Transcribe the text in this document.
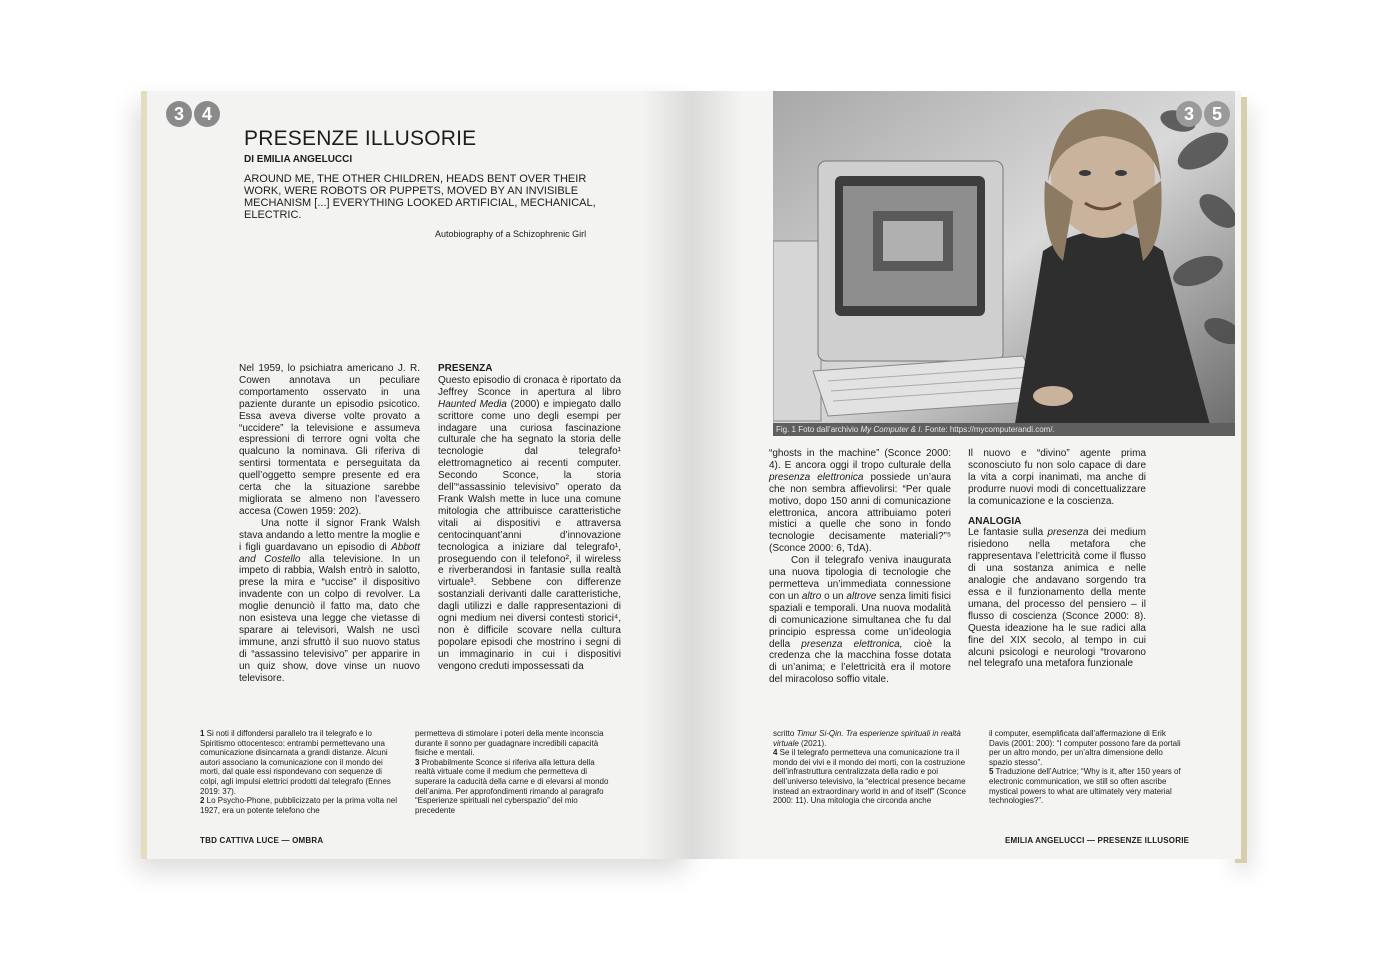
3 4
PRESENZE ILLUSORIE

DI EMILIA ANGELUCCI

AROUND ME, THE OTHER CHILDREN, HEADS BENT OVER THEIR WORK, WERE ROBOTS OR PUPPETS, MOVED BY AN INVISIBLE MECHANISM [...] EVERYTHING LOOKED ARTIFICIAL, MECHANICAL, ELECTRIC.

Autobiography of a Schizophrenic Girl

Nel 1959, lo psichiatra americano J. R. Cowen annotava un peculiare comportamento osservato in una paziente durante un episodio psicotico. Essa aveva diverse volte provato a “uccidere” la televisione e assumeva espressioni di terrore ogni volta che qualcuno la nominava. Gli riferiva di sentirsi tormentata e perseguitata da quell’oggetto sempre presente ed era certa che la situazione sarebbe migliorata se almeno non l’avessero accesa (Cowen 1959: 202).

Una notte il signor Frank Walsh stava andando a letto mentre la moglie e i figli guardavano un episodio di Abbott and Costello alla televisione. In un impeto di rabbia, Walsh entrò in salotto, prese la mira e “uccise” il dispositivo invadente con un colpo di revolver. La moglie denunciò il fatto ma, dato che non esisteva una legge che vietasse di sparare ai televisori, Walsh ne uscì immune, anzi sfruttò il suo nuovo status di “assassino televisivo” per apparire in un quiz show, dove vinse un nuovo televisore.

PRESENZA

Questo episodio di cronaca è riportato da Jeffrey Sconce in apertura al libro Haunted Media (2000) e impiegato dallo scrittore come uno degli esempi per indagare una curiosa fascinazione culturale che ha segnato la storia delle tecnologie dal telegrafo¹ elettromagnetico ai recenti computer. Secondo Sconce, la storia dell’“assassinio televisivo” operato da Frank Walsh mette in luce una comune mitologia che attribuisce caratteristiche vitali ai dispositivi e attraversa centocinquant’anni d’innovazione tecnologica a iniziare dal telegrafo¹, proseguendo con il telefono², il wireless e riverberandosi in fantasie sulla realtà virtuale³. Sebbene con differenze sostanziali derivanti dalle caratteristiche, dagli utilizzi e dalle rappresentazioni di ogni medium nei diversi contesti storici⁴, non è difficile scovare nella cultura popolare episodi che mostrino i segni di un immaginario in cui i dispositivi vengono creduti impossessati da

1 Si noti il diffondersi parallelo tra il telegrafo e lo Spiritismo ottocentesco: entrambi permettevano una comunicazione disincarnata a grandi distanze. Alcuni autori associano la comunicazione con il mondo dei morti, dal quale essi rispondevano con sequenze di colpi, agli impulsi elettrici prodotti dal telegrafo (Ennes 2019: 37).

2 Lo Psycho-Phone, pubblicizzato per la prima volta nel 1927, era un potente telefono che

permetteva di stimolare i poteri della mente inconscia durante il sonno per guadagnare incredibili capacità fisiche e mentali.

3 Probabilmente Sconce si riferiva alla lettura della realtà virtuale come il medium che permetteva di superare la caducità della carne e di elevarsi al mondo dell’anima. Per approfondimenti rimando al paragrafo “Esperienze spirituali nel cyberspazio” del mio precedente

TBD CATTIVA LUCE — OMBRA

Fig. 1 Foto dall’archivio My Computer & I. Fonte: https://mycomputerandi.com/.
3 5

“ghosts in the machine” (Sconce 2000: 4). E ancora oggi il tropo culturale della presenza elettronica possiede un’aura che non sembra affievolirsi: “Per quale motivo, dopo 150 anni di comunicazione elettronica, ancora attribuiamo poteri mistici a quelle che sono in fondo tecnologie decisamente materiali?”⁵ (Sconce 2000: 6, TdA).

Con il telegrafo veniva inaugurata una nuova tipologia di tecnologie che permetteva un’immediata connessione con un altro o un altrove senza limiti fisici spaziali e temporali. Una nuova modalità di comunicazione simultanea che fu dal principio espressa come un’ideologia della presenza elettronica, cioè la credenza che la macchina fosse dotata di un’anima; e l’elettricità era il motore del miracoloso soffio vitale.

Il nuovo e “divino” agente prima sconosciuto fu non solo capace di dare la vita a corpi inanimati, ma anche di produrre nuovi modi di concettualizzare la comunicazione e la coscienza.

ANALOGIA

Le fantasie sulla presenza dei medium risiedono nella metafora che rappresentava l’elettricità come il flusso di una sostanza animica e nelle analogie che andavano sorgendo tra essa e il funzionamento della mente umana, del processo del pensiero – il flusso di coscienza (Sconce 2000: 8). Questa ideazione ha le sue radici alla fine del XIX secolo, al tempo in cui alcuni psicologi e neurologi “trovarono nel telegrafo una metafora funzionale

scritto Timur Si-Qin. Tra esperienze spirituali in realtà virtuale (2021).

4 Se il telegrafo permetteva una comunicazione tra il mondo dei vivi e il mondo dei morti, con la costruzione dell’infrastruttura centralizzata della radio e poi dell’universo televisivo, la “electrical presence became instead an extraordinary world in and of itself” (Sconce 2000: 11). Una mitologia che circonda anche

il computer, esemplificata dall’affermazione di Erik Davis (2001: 200): “I computer possono fare da portali per un altro mondo, per un’altra dimensione dello spazio stesso”.

5 Traduzione dell’Autrice; “Why is it, after 150 years of electronic communication, we still so often ascribe mystical powers to what are ultimately very material technologies?”.

EMILIA ANGELUCCI — PRESENZE ILLUSORIE
